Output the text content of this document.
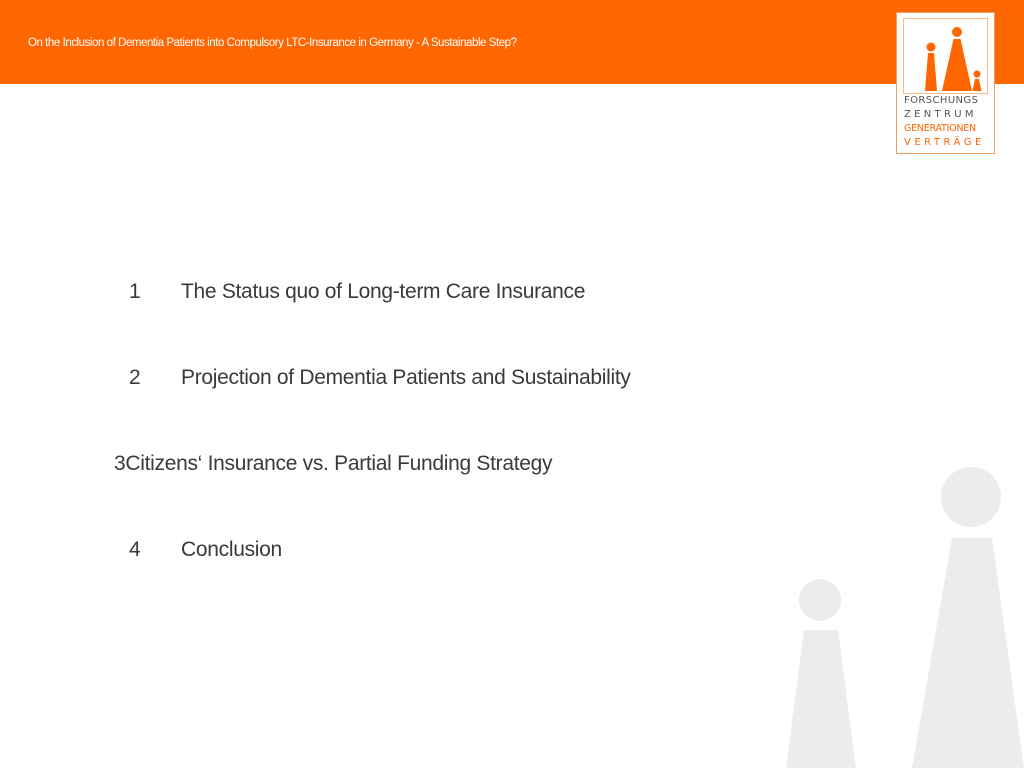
On the Inclusion of Dementia Patients into Compulsory LTC-Insurance in Germany - A Sustainable Step?
FORSCHUNGS
ZENTRUM
GENERATIONEN
VERTRÄGE
1 The Status quo of Long-term Care Insurance
2 Projection of Dementia Patients and Sustainability
3Citizens‘ Insurance vs. Partial Funding Strategy
4 Conclusion
